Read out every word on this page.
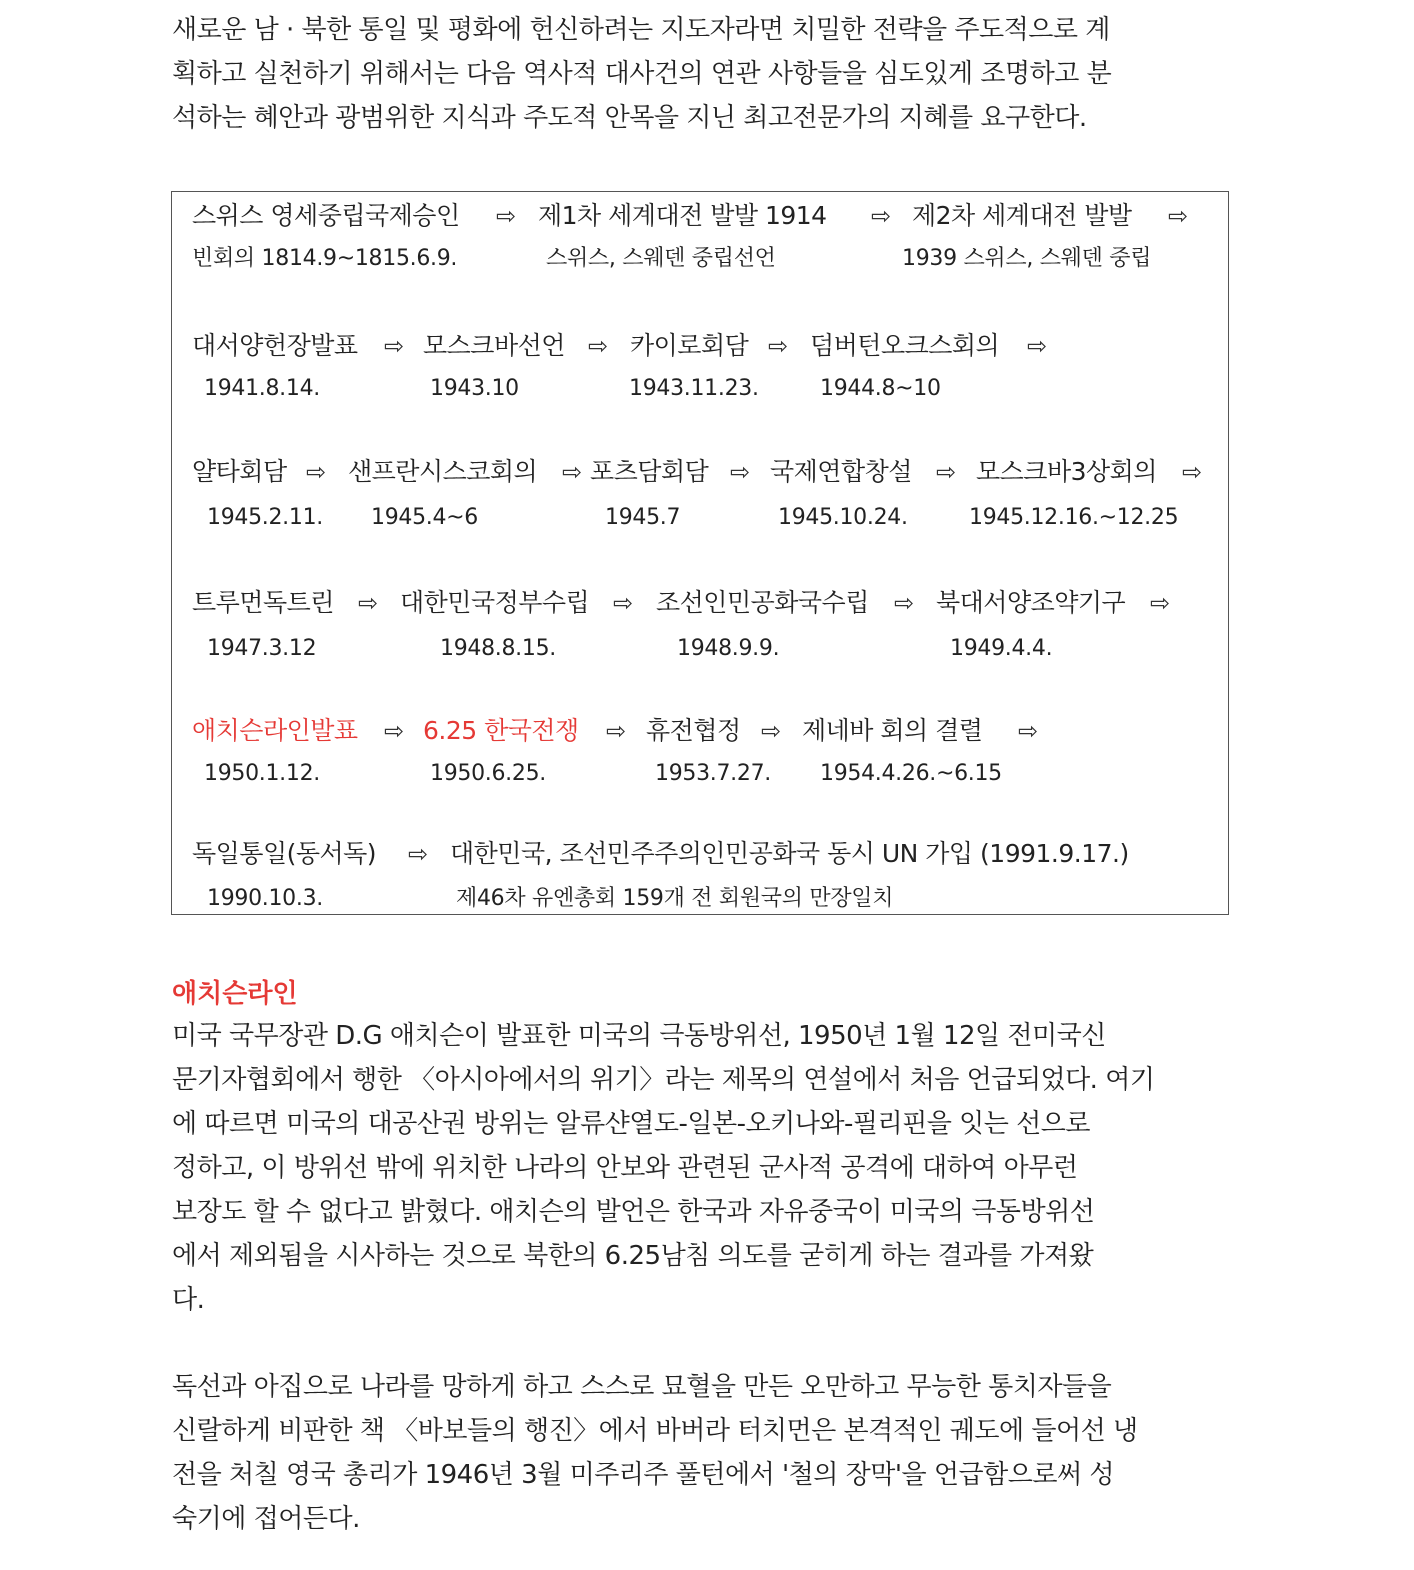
새로운 남 · 북한 통일 및 평화에 헌신하려는 지도자라면 치밀한 전략을 주도적으로 계
획하고 실천하기 위해서는 다음 역사적 대사건의 연관 사항들을 심도있게 조명하고 분
석하는 혜안과 광범위한 지식과 주도적 안목을 지닌 최고전문가의 지혜를 요구한다.

스위스 영세중립국제승인 ⇨ 제1차 세계대전 발발 1914 ⇨ 제2차 세계대전 발발 ⇨
빈회의 1814.9~1815.6.9.	스위스, 스웨덴 중립선언	1939 스위스, 스웨덴 중립
대서양헌장발표 ⇨ 모스크바선언 ⇨ 카이로회담 ⇨ 덤버턴오크스회의 ⇨
1941.8.14.	1943.10	1943.11.23.	1944.8~10
얄타회담 ⇨ 샌프란시스코회의 ⇨ 포츠담회담 ⇨ 국제연합창설 ⇨ 모스크바3상회의 ⇨
1945.2.11. 1945.4~6	1945.7	1945.10.24.	1945.12.16.~12.25
트루먼독트린 ⇨ 대한민국정부수립 ⇨ 조선인민공화국수립 ⇨ 북대서양조약기구 ⇨
1947.3.12	1948.8.15.	1948.9.9.	1949.4.4.
애치슨라인발표 ⇨ 6.25 한국전쟁 ⇨ 휴전협정 ⇨ 제네바 회의 결렬 ⇨
1950.1.12.	1950.6.25.	1953.7.27. 1954.4.26.~6.15
독일통일(동서독) ⇨ 대한민국, 조선민주주의인민공화국 동시 UN 가입 (1991.9.17.)
1990.10.3.	제46차 유엔총회 159개 전 회원국의 만장일치
애치슨라인

미국 국무장관 D.G 애치슨이 발표한 미국의 극동방위선, 1950년 1월 12일 전미국신
문기자협회에서 행한 〈아시아에서의 위기〉라는 제목의 연설에서 처음 언급되었다. 여기
에 따르면 미국의 대공산권 방위는 알류샨열도-일본-오키나와-필리핀을 잇는 선으로
정하고, 이 방위선 밖에 위치한 나라의 안보와 관련된 군사적 공격에 대하여 아무런
보장도 할 수 없다고 밝혔다. 애치슨의 발언은 한국과 자유중국이 미국의 극동방위선
에서 제외됨을 시사하는 것으로 북한의 6.25남침 의도를 굳히게 하는 결과를 가져왔
다.

독선과 아집으로 나라를 망하게 하고 스스로 묘혈을 만든 오만하고 무능한 통치자들을
신랄하게 비판한 책 〈바보들의 행진〉에서 바버라 터치먼은 본격적인 궤도에 들어선 냉
전을 처칠 영국 총리가 1946년 3월 미주리주 풀턴에서 '철의 장막'을 언급함으로써 성
숙기에 접어든다.
